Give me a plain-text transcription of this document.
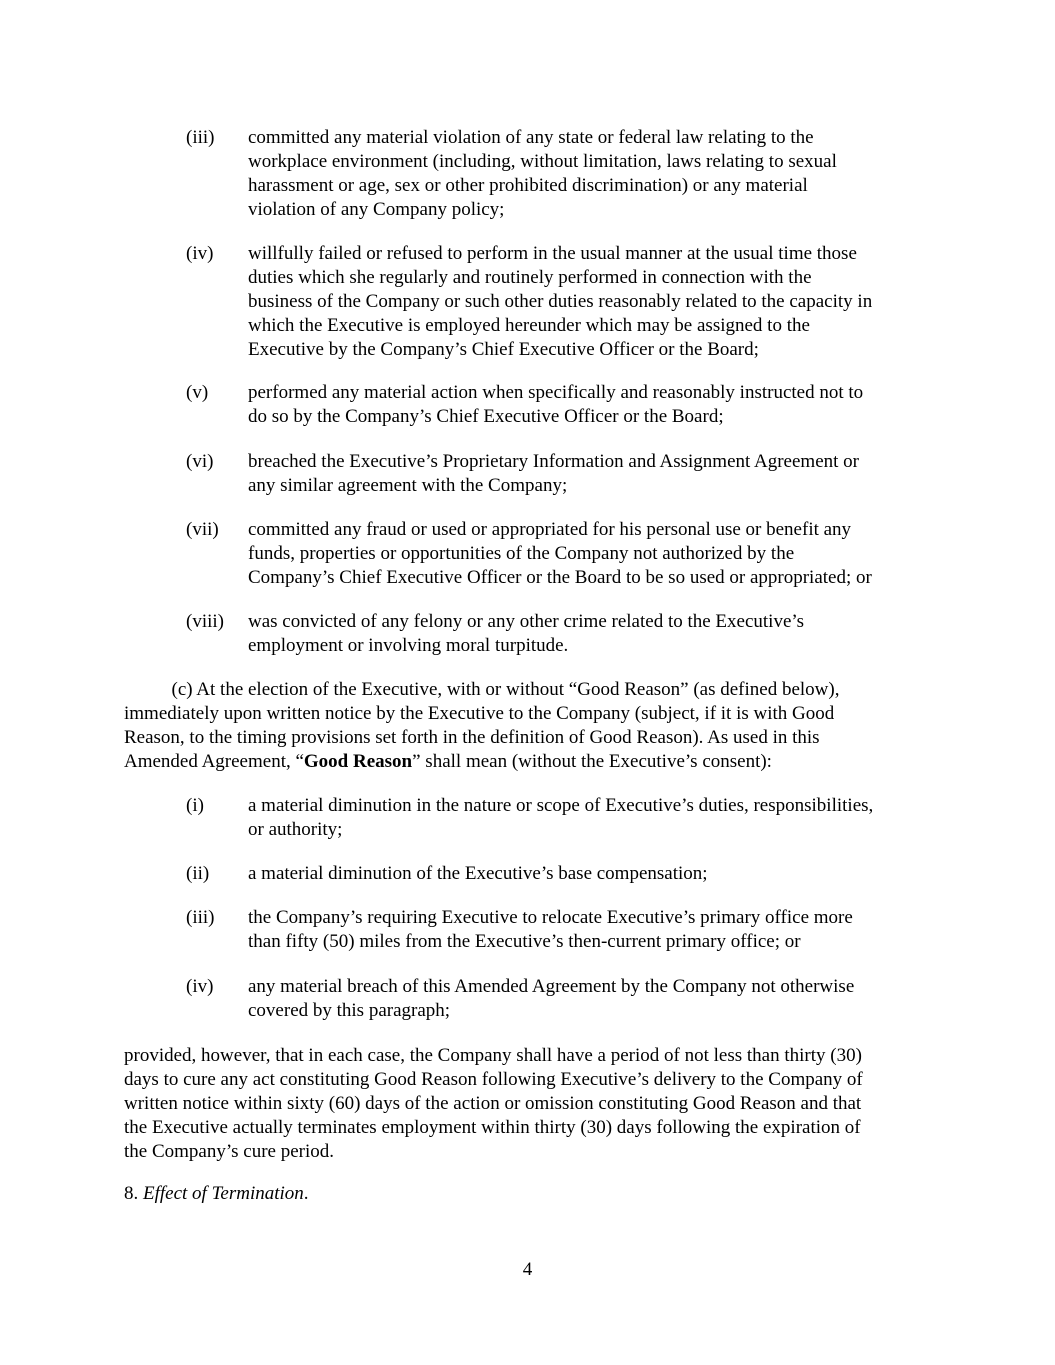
(iii) committed any material violation of any state or federal law relating to the
workplace environment (including, without limitation, laws relating to sexual
harassment or age, sex or other prohibited discrimination) or any material
violation of any Company policy;
(iv) willfully failed or refused to perform in the usual manner at the usual time those
duties which she regularly and routinely performed in connection with the
business of the Company or such other duties reasonably related to the capacity in
which the Executive is employed hereunder which may be assigned to the
Executive by the Company’s Chief Executive Officer or the Board;
(v) performed any material action when specifically and reasonably instructed not to
do so by the Company’s Chief Executive Officer or the Board;
(vi) breached the Executive’s Proprietary Information and Assignment Agreement or
any similar agreement with the Company;
(vii) committed any fraud or used or appropriated for his personal use or benefit any
funds, properties or opportunities of the Company not authorized by the
Company’s Chief Executive Officer or the Board to be so used or appropriated; or
(viii) was convicted of any felony or any other crime related to the Executive’s
employment or involving moral turpitude.
(c) At the election of the Executive, with or without “Good Reason” (as defined below),
immediately upon written notice by the Executive to the Company (subject, if it is with Good
Reason, to the timing provisions set forth in the definition of Good Reason). As used in this
Amended Agreement, “Good Reason” shall mean (without the Executive’s consent):
(i) a material diminution in the nature or scope of Executive’s duties, responsibilities,
or authority;
(ii) a material diminution of the Executive’s base compensation;
(iii) the Company’s requiring Executive to relocate Executive’s primary office more
than fifty (50) miles from the Executive’s then-current primary office; or
(iv) any material breach of this Amended Agreement by the Company not otherwise
covered by this paragraph;
provided, however, that in each case, the Company shall have a period of not less than thirty (30)
days to cure any act constituting Good Reason following Executive’s delivery to the Company of
written notice within sixty (60) days of the action or omission constituting Good Reason and that
the Executive actually terminates employment within thirty (30) days following the expiration of
the Company’s cure period.
8. Effect of Termination.
4
